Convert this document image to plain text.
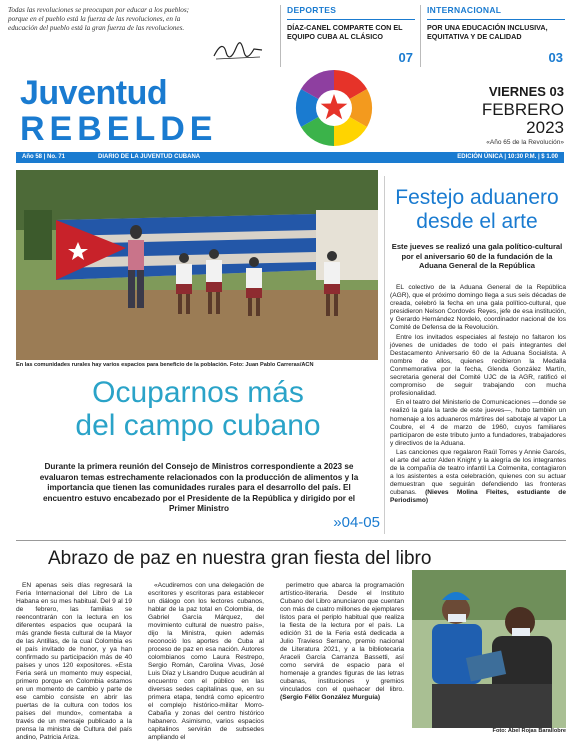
Todas las revoluciones se preocupan por educar a los pueblos; porque en el pueblo está la fuerza de las revoluciones, en la educación del pueblo está la gran fuerza de las revoluciones.
DEPORTES
DÍAZ-CANEL COMPARTE CON EL EQUIPO CUBA AL CLÁSICO
07
INTERNACIONAL
POR UNA EDUCACIÓN INCLUSIVA, EQUITATIVA Y DE CALIDAD
03
Juventud
REBELDE
VIERNES 03
FEBRERO
2023
«Año 65 de la Revolución»
Año 58 | No. 71	DIARIO DE LA JUVENTUD CUBANA	EDICIÓN ÚNICA | 10:30 P.M. | $ 1.00
En las comunidades rurales hay varios espacios para beneficio de la población. Foto: Juan Pablo Carreras/ACN
Ocuparnos más
del campo cubano
Durante la primera reunión del Consejo de Ministros correspondiente a 2023 se evaluaron temas estrechamente relacionados con la producción de alimentos y la importancia que tienen las comunidades rurales para el desarrollo del país. El encuentro estuvo encabezado por el Presidente de la República y dirigido por el Primer Ministro
»04-05
Festejo aduanero
desde el arte
Este jueves se realizó una gala político-cultural por el aniversario 60 de la fundación de la Aduana General de la República

EL colectivo de la Aduana General de la República (AGR), que el próximo domingo llega a sus seis décadas de creada, celebró la fecha en una gala político-cultural, que presidieron Nelson Cordovés Reyes, jefe de esa institución, y Gerardo Hernández Nordelo, coordinador nacional de los Comité de Defensa de la Revolución.

Entre los invitados especiales al festejo no faltaron los jóvenes de unidades de todo el país integrantes del Destacamento Aniversario 60 de la Aduana Socialista. A nombre de ellos, quienes recibieron la Medalla Conmemorativa por la fecha, Glenda González Martín, secretaria general del Comité UJC de la AGR, ratificó el compromiso de seguir trabajando con mucha profesionalidad.

En el teatro del Ministerio de Comunicaciones —donde se realizó la gala la tarde de este jueves—, hubo también un homenaje a los aduaneros mártires del sabotaje al vapor La Coubre, el 4 de marzo de 1960, cuyos familiares participaron de este tributo junto a fundadores, trabajadores y directivos de la Aduana.

Las canciones que regalaron Raúl Torres y Annie Garcés, el arte del actor Alden Knight y la alegría de los integrantes de la compañía de teatro infantil La Colmenita, contagiaron a los asistentes a esta celebración, quienes con su actuar demuestran que seguirán defendiendo las fronteras cubanas. (Nieves Molina Fleites, estudiante de Periodismo)

Abrazo de paz en nuestra gran fiesta del libro

EN apenas seis días regresará la Feria Internacional del Libro de La Habana en su mes habitual. Del 9 al 19 de febrero, las familias se reencontrarán con la lectura en los diferentes espacios que ocupará la más grande fiesta cultural de la Mayor de las Antillas, de la cual Colombia es el país invitado de honor, y ya han confirmado su participación más de 40 países y unos 120 expositores. «Esta Feria será un momento muy especial, primero porque en Colombia estamos en un momento de cambio y parte de ese cambio consiste en abrir las puertas de la cultura con todos los países del mundo», comentaba a través de un mensaje publicado a la prensa la ministra de Cultura del país andino, Patricia Ariza.

«Acudiremos con una delegación de escritores y escritoras para establecer un diálogo con los lectores cubanos, hablar de la paz total en Colombia, de Gabriel García Márquez, del movimiento cultural de nuestro país», dijo la Ministra, quien además reconoció los aportes de Cuba al proceso de paz en esa nación. Autores colombianos como Laura Restrepo, Sergio Román, Carolina Vivas, José Luis Díaz y Lisandro Duque acudirán al encuentro con el público en las diversas sedes capitalinas que, en su primera etapa, tendrá como epicentro el complejo histórico-militar Morro-Cabaña y zonas del centro histórico habanero. Asimismo, varios espacios capitalinos servirán de subsedes ampliando el

perímetro que abarca la programación artístico-literaria. Desde el Instituto Cubano del Libro anunciaron que cuentan con más de cuatro millones de ejemplares listos para el periplo habitual que realiza la fiesta de la lectura por el país. La edición 31 de la Feria está dedicada a Julio Travieso Serrano, premio nacional de Literatura 2021, y a la bibliotecaria Araceli García Carranza Bassetti, así como servirá de espacio para el homenaje a grandes figuras de las letras cubanas, instituciones y gremios vinculados con el quehacer del libro. (Sergio Félix González Murguía)

Foto: Abel Rojas Barallobre
